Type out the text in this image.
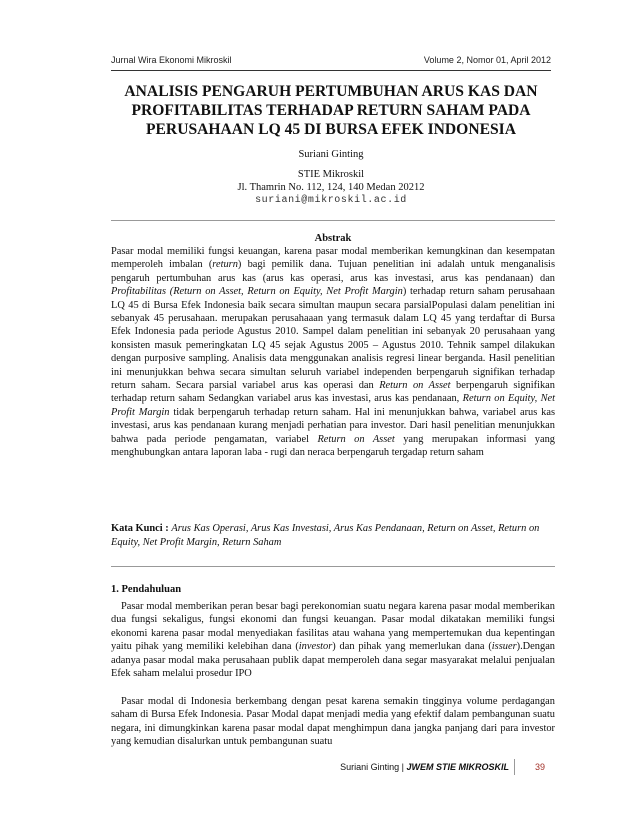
Jurnal Wira Ekonomi Mikroskil	Volume 2, Nomor 01, April 2012
ANALISIS PENGARUH PERTUMBUHAN ARUS KAS DAN
PROFITABILITAS TERHADAP RETURN SAHAM PADA
PERUSAHAAN LQ 45 DI BURSA EFEK INDONESIA
Suriani Ginting
STIE Mikroskil
Jl. Thamrin No. 112, 124, 140 Medan 20212
suriani@mikroskil.ac.id
Abstrak
Pasar modal memiliki fungsi keuangan, karena pasar modal memberikan kemungkinan dan kesempatan memperoleh imbalan (return) bagi pemilik dana. Tujuan penelitian ini adalah untuk menganalisis pengaruh pertumbuhan arus kas (arus kas operasi, arus kas investasi, arus kas pendanaan) dan Profitabilitas (Return on Asset, Return on Equity, Net Profit Margin) terhadap return saham perusahaan LQ 45 di Bursa Efek Indonesia baik secara simultan maupun secara parsialPopulasi dalam penelitian ini sebanyak 45 perusahaan. merupakan perusahaaan yang termasuk dalam LQ 45 yang terdaftar di Bursa Efek Indonesia pada periode Agustus 2010. Sampel dalam penelitian ini sebanyak 20 perusahaan yang konsisten masuk pemeringkatan LQ 45 sejak Agustus 2005 – Agustus 2010. Tehnik sampel dilakukan dengan purposive sampling. Analisis data menggunakan analisis regresi linear berganda. Hasil penelitian ini menunjukkan behwa secara simultan seluruh variabel independen berpengaruh signifikan terhadap return saham. Secara parsial variabel arus kas operasi dan Return on Asset berpengaruh signifikan terhadap return saham Sedangkan variabel arus kas investasi, arus kas pendanaan, Return on Equity, Net Profit Margin tidak berpengaruh terhadap return saham. Hal ini menunjukkan bahwa, variabel arus kas investasi, arus kas pendanaan kurang menjadi perhatian para investor. Dari hasil penelitian menunjukkan bahwa pada periode pengamatan, variabel Return on Asset yang merupakan informasi yang menghubungkan antara laporan laba - rugi dan neraca berpengaruh tergadap return saham
Kata Kunci : Arus Kas Operasi, Arus Kas Investasi, Arus Kas Pendanaan, Return on Asset, Return on Equity, Net Profit Margin, Return Saham
1. Pendahuluan
Pasar modal memberikan peran besar bagi perekonomian suatu negara karena pasar modal memberikan dua fungsi sekaligus, fungsi ekonomi dan fungsi keuangan. Pasar modal dikatakan memiliki fungsi ekonomi karena pasar modal menyediakan fasilitas atau wahana yang mempertemukan dua kepentingan yaitu pihak yang memiliki kelebihan dana (investor) dan pihak yang memerlukan dana (issuer).Dengan adanya pasar modal maka perusahaan publik dapat memperoleh dana segar masyarakat melalui penjualan Efek saham melalui prosedur IPO
Pasar modal di Indonesia berkembang dengan pesat karena semakin tingginya volume perdagangan saham di Bursa Efek Indonesia. Pasar Modal dapat menjadi media yang efektif dalam pembangunan suatu negara, ini dimungkinkan karena pasar modal dapat menghimpun dana jangka panjang dari para investor yang kemudian disalurkan untuk pembangunan suatu
Suriani Ginting | JWEM STIE MIKROSKIL	39
